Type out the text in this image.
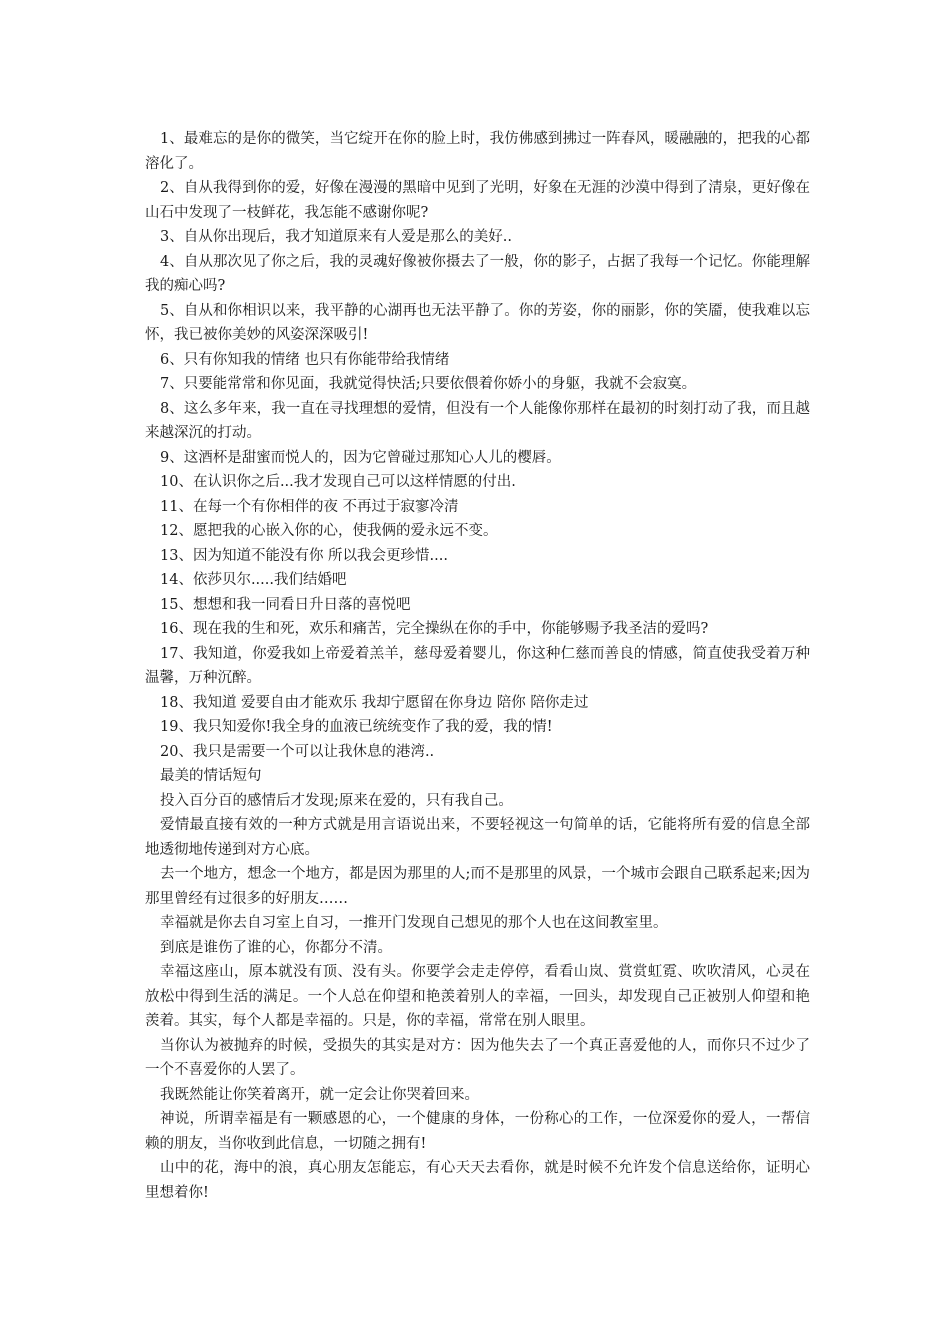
1、最难忘的是你的微笑，当它绽开在你的脸上时，我仿佛感到拂过一阵春风，暖融融的，把我的心都溶化了。

2、自从我得到你的爱，好像在漫漫的黑暗中见到了光明，好象在无涯的沙漠中得到了清泉，更好像在山石中发现了一枝鲜花，我怎能不感谢你呢?

3、自从你出现后，我才知道原来有人爱是那么的美好..

4、自从那次见了你之后，我的灵魂好像被你摄去了一般，你的影子，占据了我每一个记忆。你能理解我的痴心吗?

5、自从和你相识以来，我平静的心湖再也无法平静了。你的芳姿，你的丽影，你的笑靥，使我难以忘怀，我已被你美妙的风姿深深吸引!

6、只有你知我的情绪 也只有你能带给我情绪

7、只要能常常和你见面，我就觉得快活;只要依偎着你娇小的身躯，我就不会寂寞。

8、这么多年来，我一直在寻找理想的爱情，但没有一个人能像你那样在最初的时刻打动了我，而且越来越深沉的打动。

9、这酒杯是甜蜜而悦人的，因为它曾碰过那知心人儿的樱唇。

10、在认识你之后...我才发现自己可以这样情愿的付出.

11、在每一个有你相伴的夜 不再过于寂寥冷清

12、愿把我的心嵌入你的心，使我俩的爱永远不变。

13、因为知道不能没有你 所以我会更珍惜....

14、依莎贝尔.....我们结婚吧

15、想想和我一同看日升日落的喜悦吧

16、现在我的生和死，欢乐和痛苦，完全操纵在你的手中，你能够赐予我圣洁的爱吗?

17、我知道，你爱我如上帝爱着羔羊，慈母爱着婴儿，你这种仁慈而善良的情感，简直使我受着万种温馨，万种沉醉。

18、我知道 爱要自由才能欢乐 我却宁愿留在你身边 陪你 陪你走过

19、我只知爱你!我全身的血液已统统变作了我的爱，我的情!

20、我只是需要一个可以让我休息的港湾..

最美的情话短句

投入百分百的感情后才发现;原来在爱的，只有我自己。

爱情最直接有效的一种方式就是用言语说出来，不要轻视这一句简单的话，它能将所有爱的信息全部地透彻地传递到对方心底。

去一个地方，想念一个地方，都是因为那里的人;而不是那里的风景，一个城市会跟自己联系起来;因为那里曾经有过很多的好朋友……

幸福就是你去自习室上自习，一推开门发现自己想见的那个人也在这间教室里。

到底是谁伤了谁的心，你都分不清。

幸福这座山，原本就没有顶、没有头。你要学会走走停停，看看山岚、赏赏虹霓、吹吹清风，心灵在放松中得到生活的满足。一个人总在仰望和艳羡着别人的幸福，一回头，却发现自己正被别人仰望和艳羡着。其实，每个人都是幸福的。只是，你的幸福，常常在别人眼里。

当你认为被抛弃的时候，受损失的其实是对方：因为他失去了一个真正喜爱他的人，而你只不过少了一个不喜爱你的人罢了。

我既然能让你笑着离开，就一定会让你哭着回来。

神说，所谓幸福是有一颗感恩的心，一个健康的身体，一份称心的工作，一位深爱你的爱人，一帮信赖的朋友，当你收到此信息，一切随之拥有!

山中的花，海中的浪，真心朋友怎能忘，有心天天去看你，就是时候不允许发个信息送给你，证明心里想着你!
